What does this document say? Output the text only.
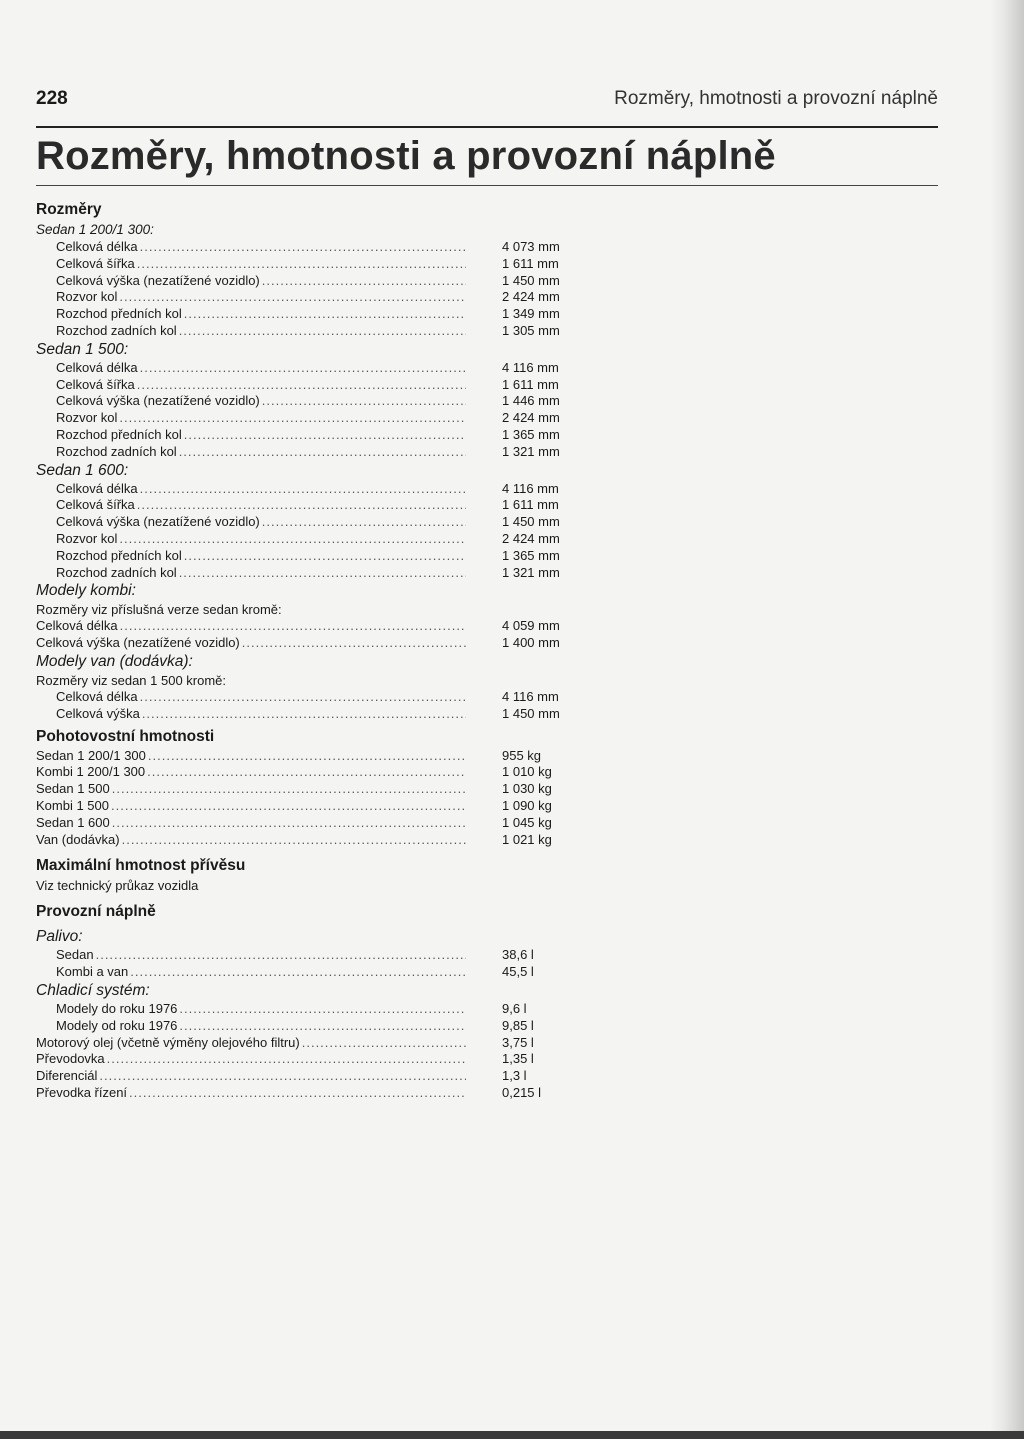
228	Rozměry, hmotnosti a provozní náplně
Rozměry, hmotnosti a provozní náplně
Rozměry
Sedan 1 200/1 300:
Celková délka .....	4 073 mm
Celková šířka .....	1 611 mm
Celková výška (nezatížené vozidlo) .....	1 450 mm
Rozvor kol .....	2 424 mm
Rozchod předních kol .....	1 349 mm
Rozchod zadních kol .....	1 305 mm
Sedan 1 500:
Celková délka .....	4 116 mm
Celková šířka .....	1 611 mm
Celková výška (nezatížené vozidlo) .....	1 446 mm
Rozvor kol .....	2 424 mm
Rozchod předních kol .....	1 365 mm
Rozchod zadních kol .....	1 321 mm
Sedan 1 600:
Celková délka .....	4 116 mm
Celková šířka .....	1 611 mm
Celková výška (nezatížené vozidlo) .....	1 450 mm
Rozvor kol .....	2 424 mm
Rozchod předních kol .....	1 365 mm
Rozchod zadních kol .....	1 321 mm
Modely kombi:
Rozměry viz příslušná verze sedan kromě:
Celková délka .....	4 059 mm
Celková výška (nezatížené vozidlo) .....	1 400 mm
Modely van (dodávka):
Rozměry viz sedan 1 500 kromě:
Celková délka .....	4 116 mm
Celková výška .....	1 450 mm
Pohotovostní hmotnosti
Sedan 1 200/1 300 .....	955 kg
Kombi 1 200/1 300 .....	1 010 kg
Sedan 1 500 .....	1 030 kg
Kombi 1 500 .....	1 090 kg
Sedan 1 600 .....	1 045 kg
Van (dodávka) .....	1 021 kg
Maximální hmotnost přívěsu
Viz technický průkaz vozidla
Provozní náplně
Palivo:
Sedan .....	38,6 l
Kombi a van .....	45,5 l
Chladicí systém:
Modely do roku 1976 .....	9,6 l
Modely od roku 1976 .....	9,85 l
Motorový olej (včetně výměny olejového filtru) .....	3,75 l
Převodovka .....	1,35 l
Diferenciál .....	1,3 l
Převodka řízení .....	0,215 l
